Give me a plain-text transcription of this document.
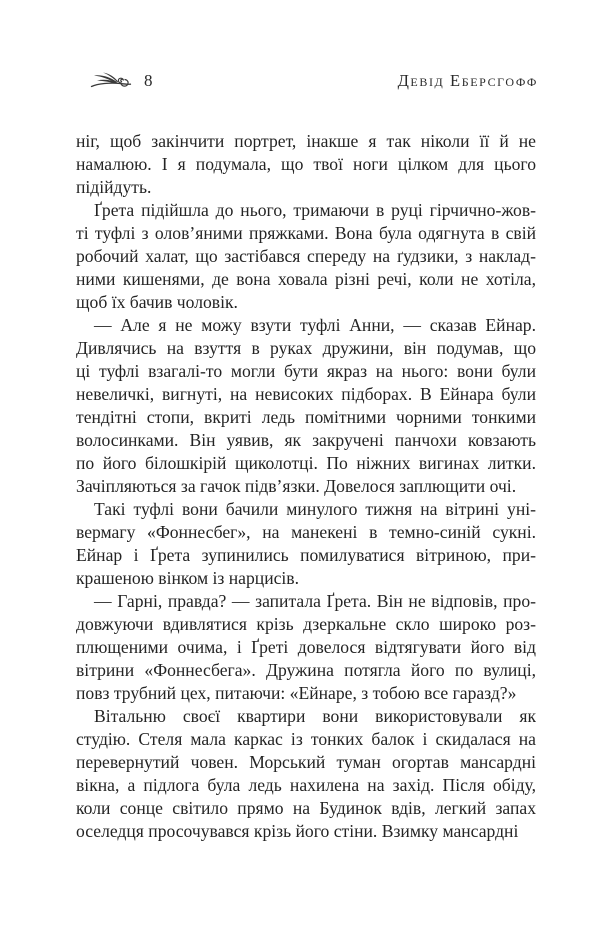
8	Девід Еберсгофф
ніг, щоб закінчити портрет, інакше я так ніколи її й не
намалюю. І я подумала, що твої ноги цілком для цього
підійдуть.
Ґрета підійшла до нього, тримаючи в руці гірчично-жов-
ті туфлі з олов’яними пряжками. Вона була одягнута в свій
робочий халат, що застібався спереду на ґудзики, з наклад-
ними кишенями, де вона ховала різні речі, коли не хотіла,
щоб їх бачив чоловік.
— Але я не можу взути туфлі Анни, — сказав Ейнар.
Дивлячись на взуття в руках дружини, він подумав, що
ці туфлі взагалі-то могли бути якраз на нього: вони були
невеличкі, вигнуті, на невисоких підборах. В Ейнара були
тендітні стопи, вкриті ледь помітними чорними тонкими
волосинками. Він уявив, як закручені панчохи ковзають
по його білошкірій щиколотці. По ніжних вигинах литки.
Зачіпляються за гачок підв’язки. Довелося заплющити очі.
Такі туфлі вони бачили минулого тижня на вітрині уні-
вермагу «Фоннесбег», на манекені в темно-синій сукні.
Ейнар і Ґрета зупинились помилуватися вітриною, при-
крашеною вінком із нарцисів.
— Гарні, правда? — запитала Ґрета. Він не відповів, про-
довжуючи вдивлятися крізь дзеркальне скло широко роз-
плющеними очима, і Ґреті довелося відтягувати його від
вітрини «Фоннесбега». Дружина потягла його по вулиці,
повз трубний цех, питаючи: «Ейнаре, з тобою все гаразд?»
Вітальню своєї квартири вони використовували як
студію. Стеля мала каркас із тонких балок і скидалася на
перевернутий човен. Морський туман огортав мансардні
вікна, а підлога була ледь нахилена на захід. Після обіду,
коли сонце світило прямо на Будинок вдів, легкий запах
оселедця просочувався крізь його стіни. Взимку мансардні
